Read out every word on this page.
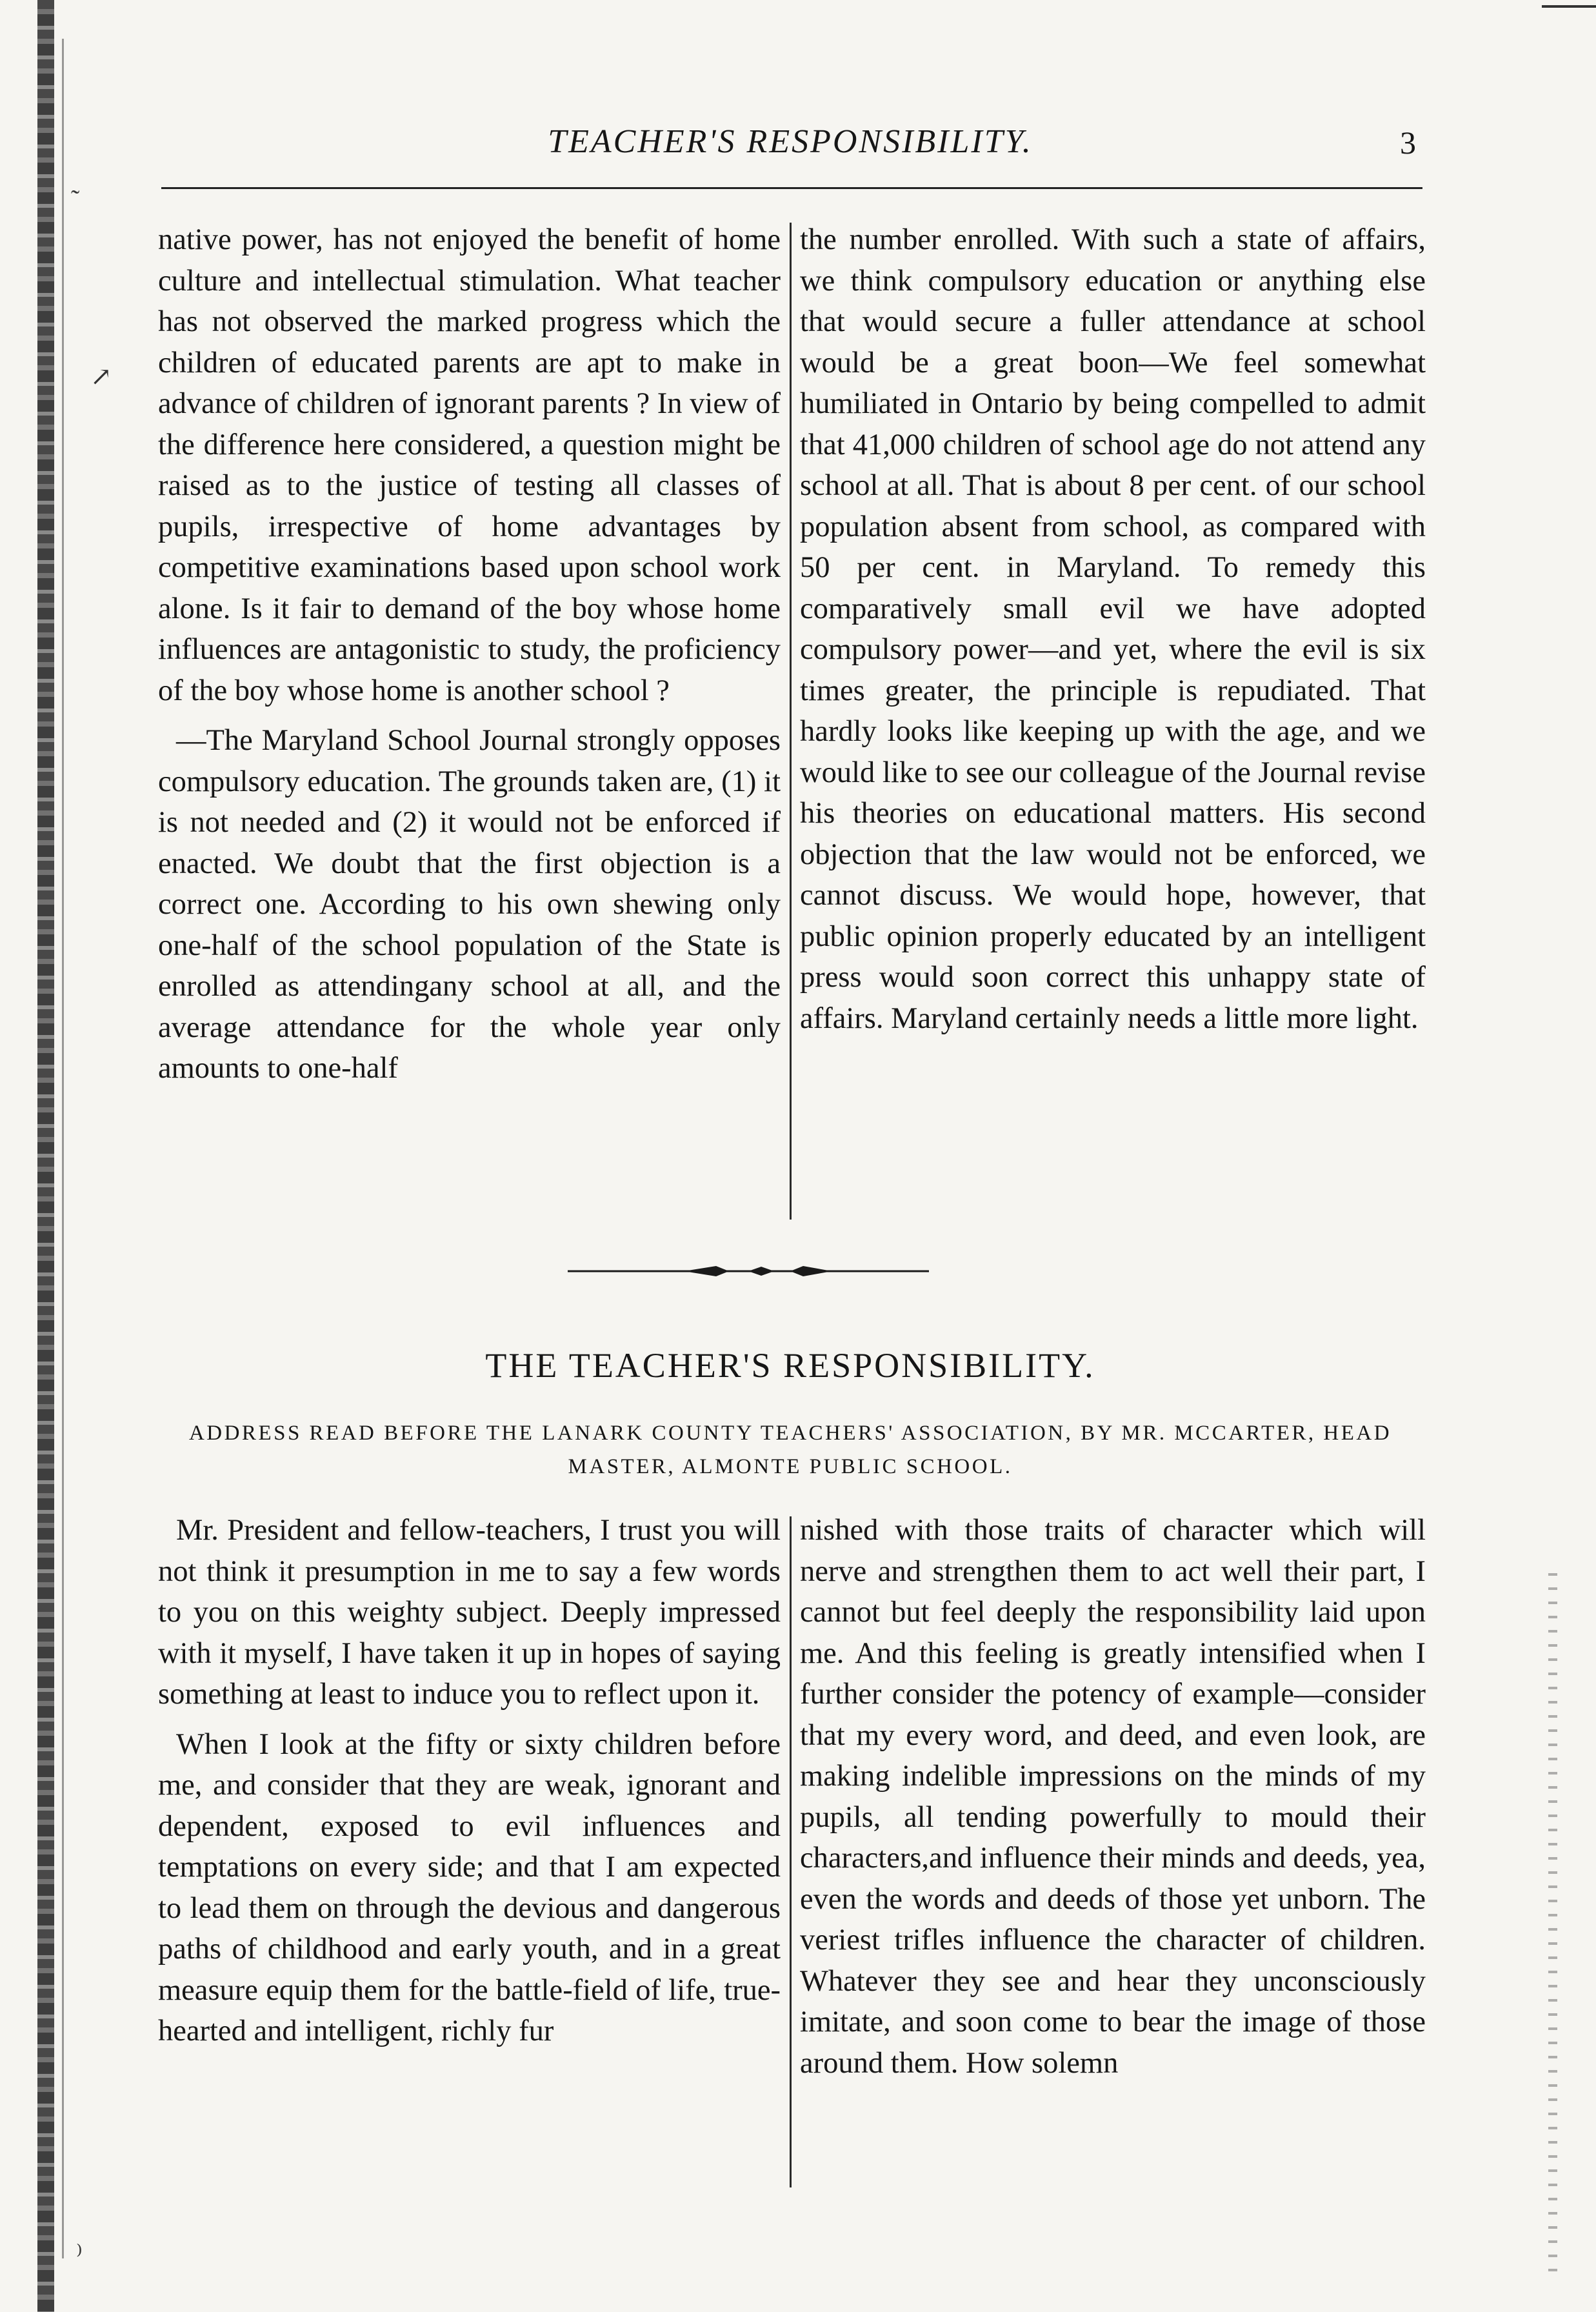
˜
↗
⁾
TEACHER'S RESPONSIBILITY.	3

native power, has not enjoyed the benefit of home culture and intellectual stimulation. What teacher has not observed the marked progress which the children of educated parents are apt to make in advance of children of ignorant parents ? In view of the difference here considered, a question might be raised as to the justice of testing all classes of pupils, irrespective of home advantages by competitive examinations based upon school work alone. Is it fair to demand of the boy whose home influences are antagonistic to study, the proficiency of the boy whose home is another school ?

—The Maryland School Journal strongly opposes compulsory education. The grounds taken are, (1) it is not needed and (2) it would not be enforced if enacted. We doubt that the first objection is a correct one. According to his own shewing only one-half of the school population of the State is enrolled as attendingany school at all, and the average attendance for the whole year only amounts to one-half

the number enrolled. With such a state of affairs, we think compulsory education or anything else that would secure a fuller attendance at school would be a great boon—We feel somewhat humiliated in Ontario by being compelled to admit that 41,000 children of school age do not attend any school at all. That is about 8 per cent. of our school population absent from school, as compared with 50 per cent. in Maryland. To remedy this comparatively small evil we have adopted compulsory power—and yet, where the evil is six times greater, the principle is repudiated. That hardly looks like keeping up with the age, and we would like to see our colleague of the Journal revise his theories on educational matters. His second objection that the law would not be enforced, we cannot discuss. We would hope, however, that public opinion properly educated by an intelligent press would soon correct this unhappy state of affairs. Maryland certainly needs a little more light.

THE TEACHER'S RESPONSIBILITY.
ADDRESS READ BEFORE THE LANARK COUNTY TEACHERS' ASSOCIATION, BY MR. MCCARTER, HEAD MASTER, ALMONTE PUBLIC SCHOOL.

Mr. President and fellow-teachers, I trust you will not think it presumption in me to say a few words to you on this weighty subject. Deeply impressed with it myself, I have taken it up in hopes of saying something at least to induce you to reflect upon it.

When I look at the fifty or sixty children before me, and consider that they are weak, ignorant and dependent, exposed to evil influences and temptations on every side; and that I am expected to lead them on through the devious and dangerous paths of childhood and early youth, and in a great measure equip them for the battle-field of life, true-hearted and intelligent, richly fur

nished with those traits of character which will nerve and strengthen them to act well their part, I cannot but feel deeply the responsibility laid upon me. And this feeling is greatly intensified when I further consider the potency of example—consider that my every word, and deed, and even look, are making indelible impressions on the minds of my pupils, all tending powerfully to mould their characters,and influence their minds and deeds, yea, even the words and deeds of those yet unborn. The veriest trifles influence the character of children. Whatever they see and hear they unconsciously imitate, and soon come to bear the image of those around them. How solemn
